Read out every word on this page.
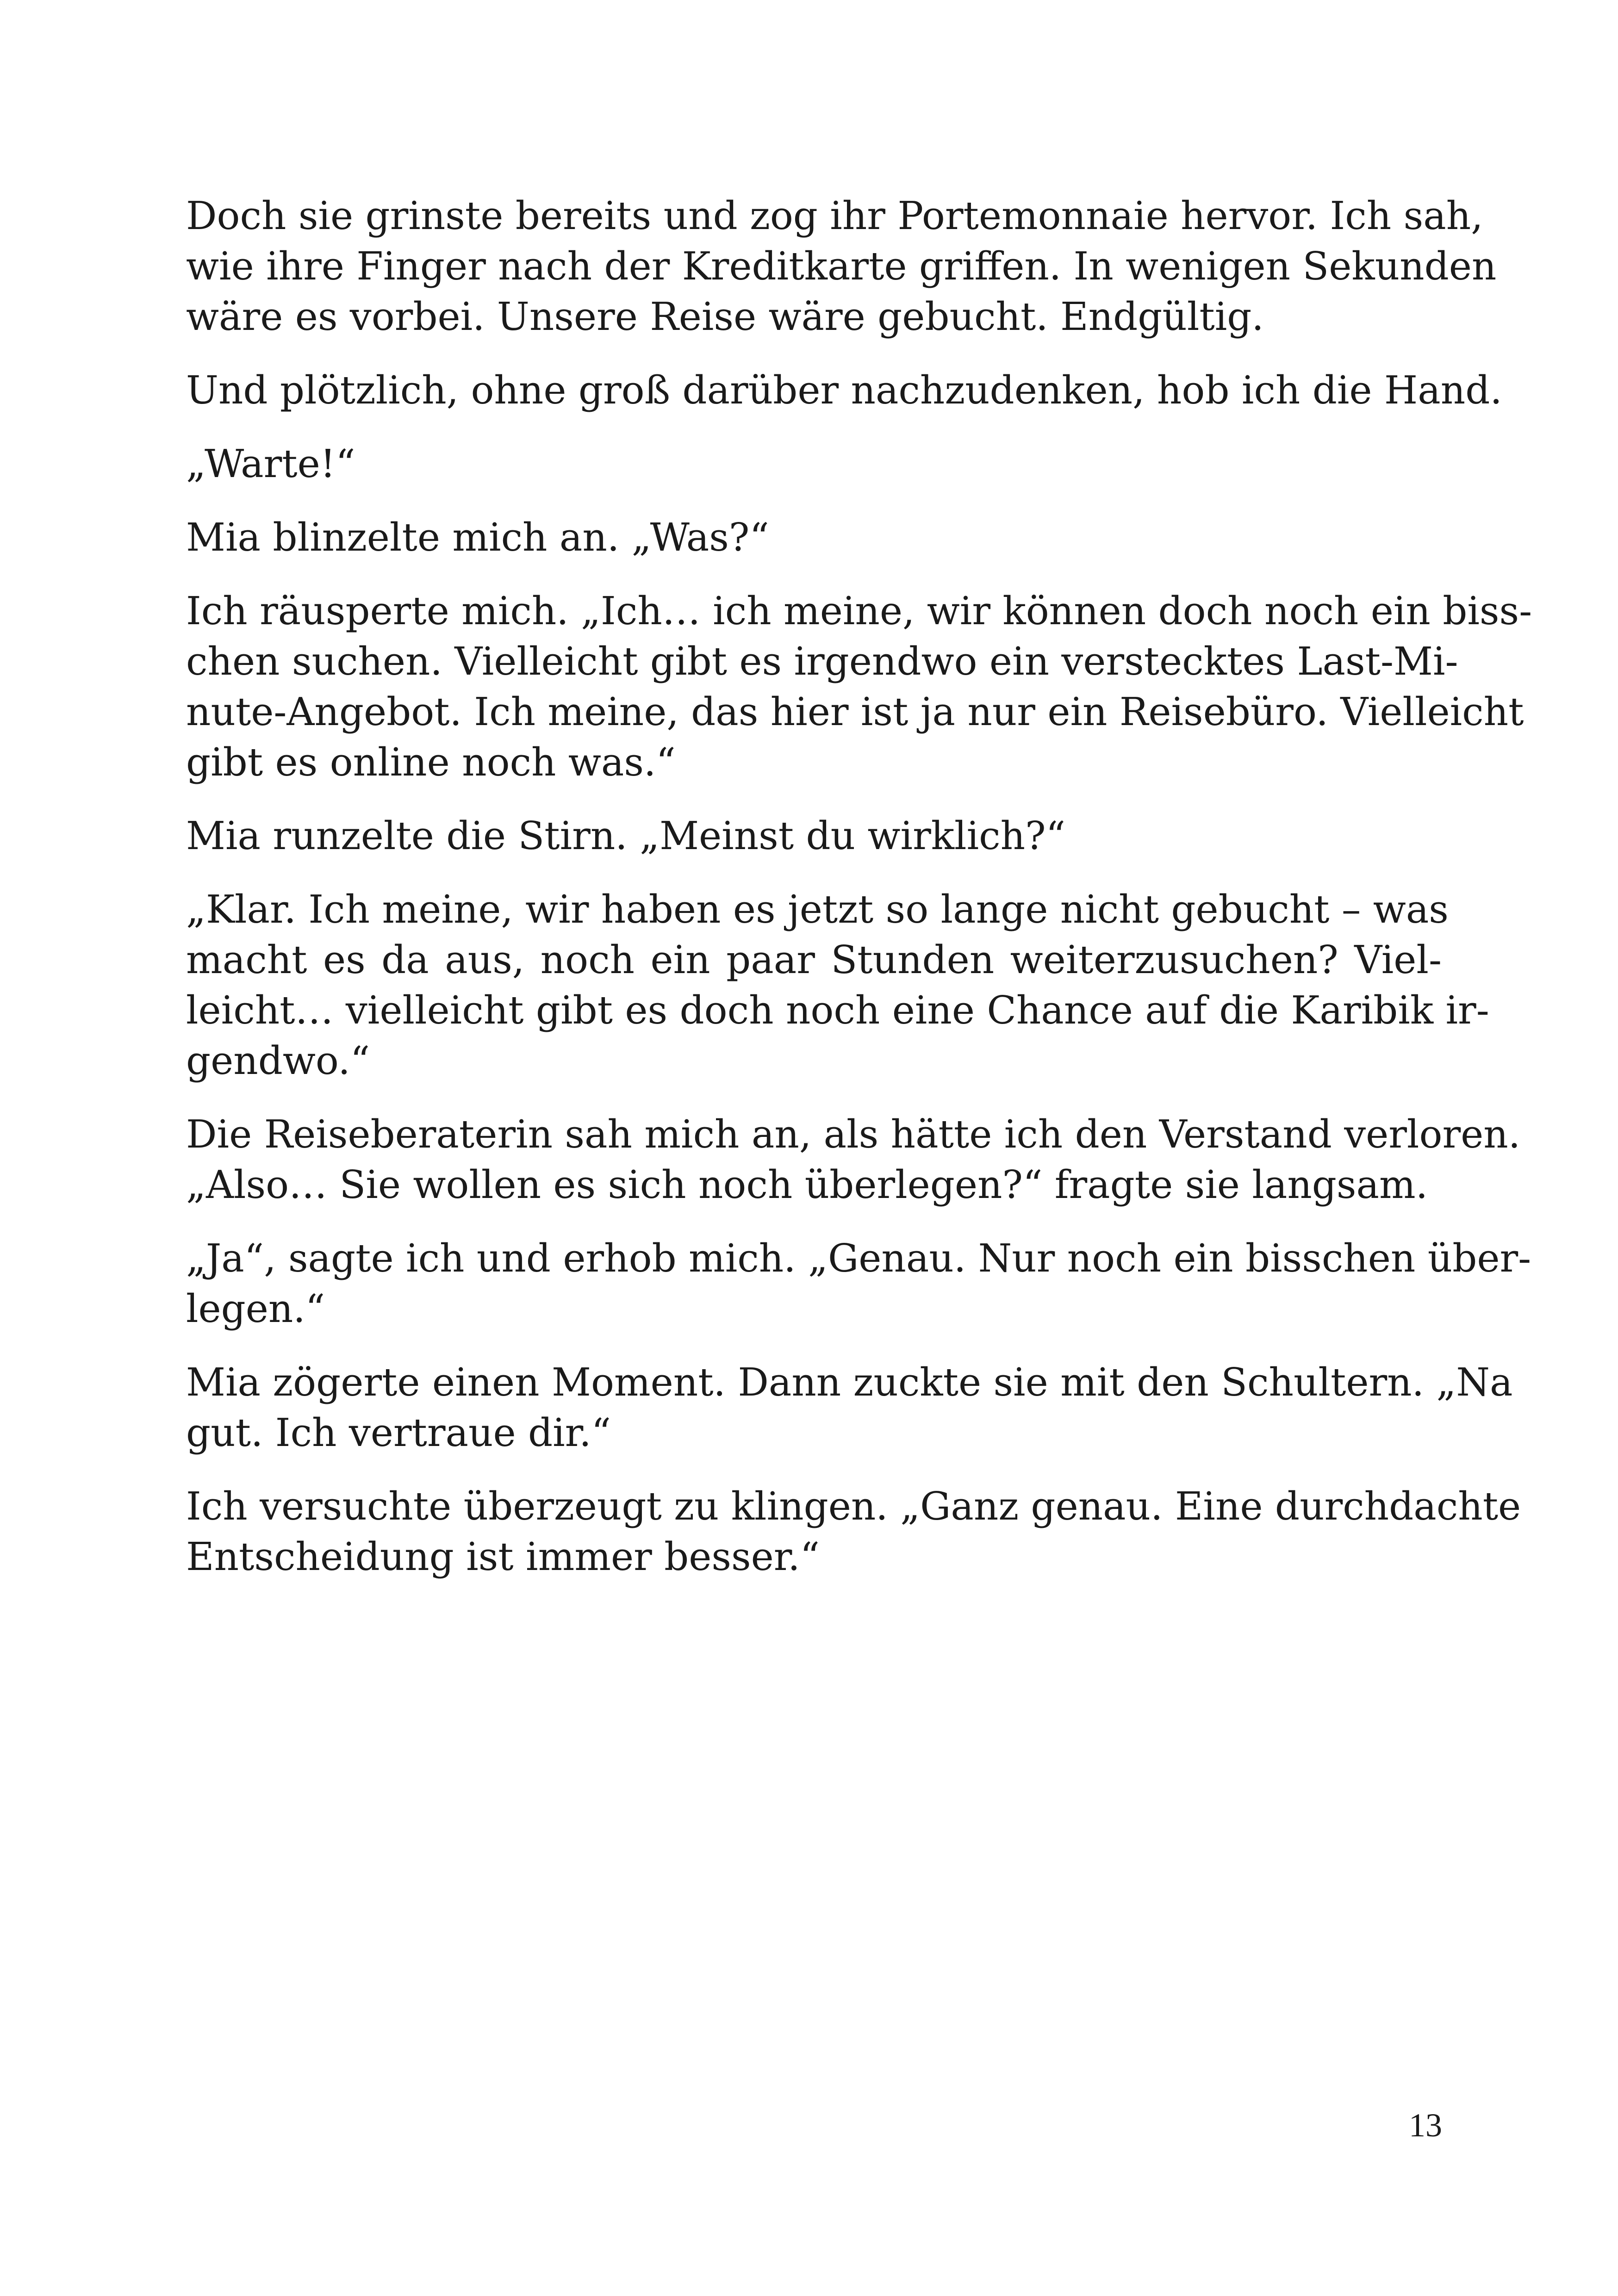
Doch sie grinste bereits und zog ihr Portemonnaie hervor. Ich sah,
wie ihre Finger nach der Kreditkarte griffen. In wenigen Sekunden
wäre es vorbei. Unsere Reise wäre gebucht. Endgültig.

Und plötzlich, ohne groß darüber nachzudenken, hob ich die Hand.

„Warte!“

Mia blinzelte mich an. „Was?“

Ich räusperte mich. „Ich… ich meine, wir können doch noch ein biss-
chen suchen. Vielleicht gibt es irgendwo ein verstecktes Last-Mi-
nute-Angebot. Ich meine, das hier ist ja nur ein Reisebüro. Vielleicht
gibt es online noch was.“

Mia runzelte die Stirn. „Meinst du wirklich?“

„Klar. Ich meine, wir haben es jetzt so lange nicht gebucht – was
macht es da aus, noch ein paar Stunden weiterzusuchen? Viel-
leicht… vielleicht gibt es doch noch eine Chance auf die Karibik ir-
gendwo.“

Die Reiseberaterin sah mich an, als hätte ich den Verstand verloren.
„Also… Sie wollen es sich noch überlegen?“ fragte sie langsam.

„Ja“, sagte ich und erhob mich. „Genau. Nur noch ein bisschen über-
legen.“

Mia zögerte einen Moment. Dann zuckte sie mit den Schultern. „Na
gut. Ich vertraue dir.“

Ich versuchte überzeugt zu klingen. „Ganz genau. Eine durchdachte
Entscheidung ist immer besser.“

13
